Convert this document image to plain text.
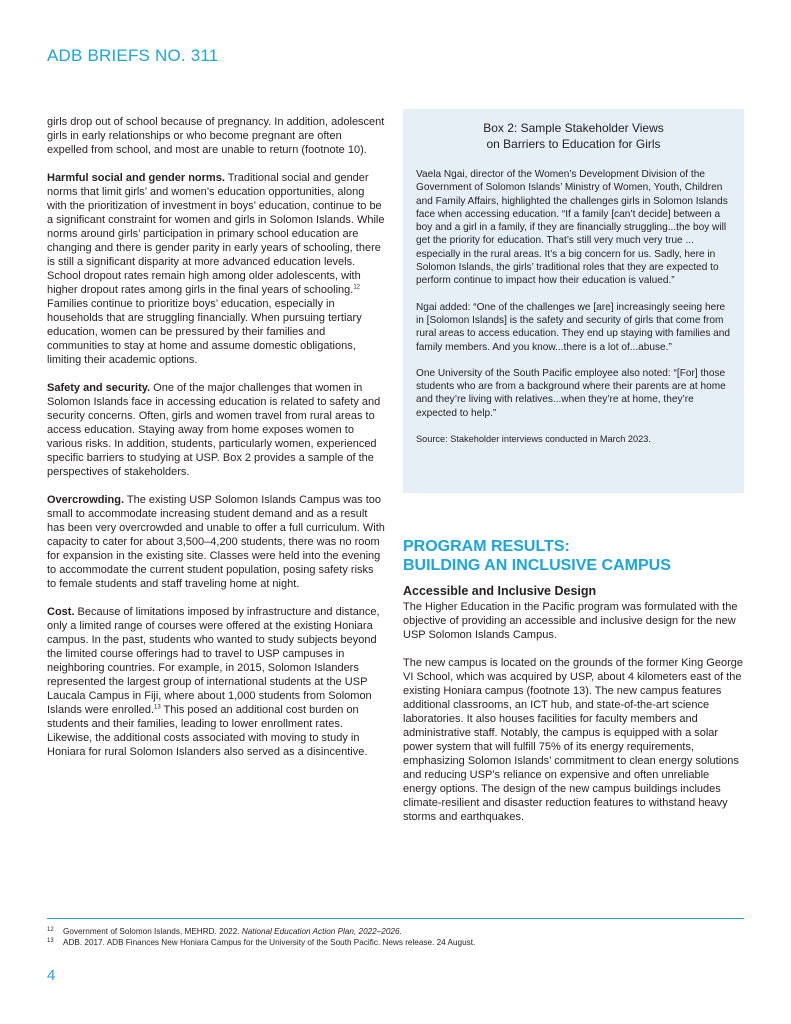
ADB BRIEFS NO. 311

girls drop out of school because of pregnancy. In addition, adolescent girls in early relationships or who become pregnant are often expelled from school, and most are unable to return (footnote 10).

Harmful social and gender norms. Traditional social and gender norms that limit girls’ and women’s education opportunities, along with the prioritization of investment in boys’ education, continue to be a significant constraint for women and girls in Solomon Islands. While norms around girls’ participation in primary school education are changing and there is gender parity in early years of schooling, there is still a significant disparity at more advanced education levels. School dropout rates remain high among older adolescents, with higher dropout rates among girls in the final years of schooling.$^{12}$ Families continue to prioritize boys’ education, especially in households that are struggling financially. When pursuing tertiary education, women can be pressured by their families and communities to stay at home and assume domestic obligations, limiting their academic options.

Safety and security. One of the major challenges that women in Solomon Islands face in accessing education is related to safety and security concerns. Often, girls and women travel from rural areas to access education. Staying away from home exposes women to various risks. In addition, students, particularly women, experienced specific barriers to studying at USP. Box 2 provides a sample of the perspectives of stakeholders.

Overcrowding. The existing USP Solomon Islands Campus was too small to accommodate increasing student demand and as a result has been very overcrowded and unable to offer a full curriculum. With capacity to cater for about 3,500–4,200 students, there was no room for expansion in the existing site. Classes were held into the evening to accommodate the current student population, posing safety risks to female students and staff traveling home at night.

Cost. Because of limitations imposed by infrastructure and distance, only a limited range of courses were offered at the existing Honiara campus. In the past, students who wanted to study subjects beyond the limited course offerings had to travel to USP campuses in neighboring countries. For example, in 2015, Solomon Islanders represented the largest group of international students at the USP Laucala Campus in Fiji, where about 1,000 students from Solomon Islands were enrolled.$^{13}$ This posed an additional cost burden on students and their families, leading to lower enrollment rates. Likewise, the additional costs associated with moving to study in Honiara for rural Solomon Islanders also served as a disincentive.

Box 2: Sample Stakeholder Views
on Barriers to Education for Girls

Vaela Ngai, director of the Women’s Development Division of the Government of Solomon Islands’ Ministry of Women, Youth, Children and Family Affairs, highlighted the challenges girls in Solomon Islands face when accessing education. “If a family [can’t decide] between a boy and a girl in a family, if they are financially struggling...the boy will get the priority for education. That’s still very much very true ... especially in the rural areas. It’s a big concern for us. Sadly, here in Solomon Islands, the girls’ traditional roles that they are expected to perform continue to impact how their education is valued.”

Ngai added: “One of the challenges we [are] increasingly seeing here in [Solomon Islands] is the safety and security of girls that come from rural areas to access education. They end up staying with families and family members. And you know...there is a lot of...abuse.”

One University of the South Pacific employee also noted: “[For] those students who are from a background where their parents are at home and they’re living with relatives...when they’re at home, they’re expected to help.”

Source: Stakeholder interviews conducted in March 2023.
PROGRAM RESULTS:
BUILDING AN INCLUSIVE CAMPUS
Accessible and Inclusive Design

The Higher Education in the Pacific program was formulated with the objective of providing an accessible and inclusive design for the new USP Solomon Islands Campus.

The new campus is located on the grounds of the former King George VI School, which was acquired by USP, about 4 kilometers east of the existing Honiara campus (footnote 13). The new campus features additional classrooms, an ICT hub, and state-of-the-art science laboratories. It also houses facilities for faculty members and administrative staff. Notably, the campus is equipped with a solar power system that will fulfill 75% of its energy requirements, emphasizing Solomon Islands’ commitment to clean energy solutions and reducing USP’s reliance on expensive and often unreliable energy options. The design of the new campus buildings includes climate-resilient and disaster reduction features to withstand heavy storms and earthquakes.

12	Government of Solomon Islands, MEHRD. 2022. National Education Action Plan, 2022–2026.
13	ADB. 2017. ADB Finances New Honiara Campus for the University of the South Pacific. News release. 24 August.
4
